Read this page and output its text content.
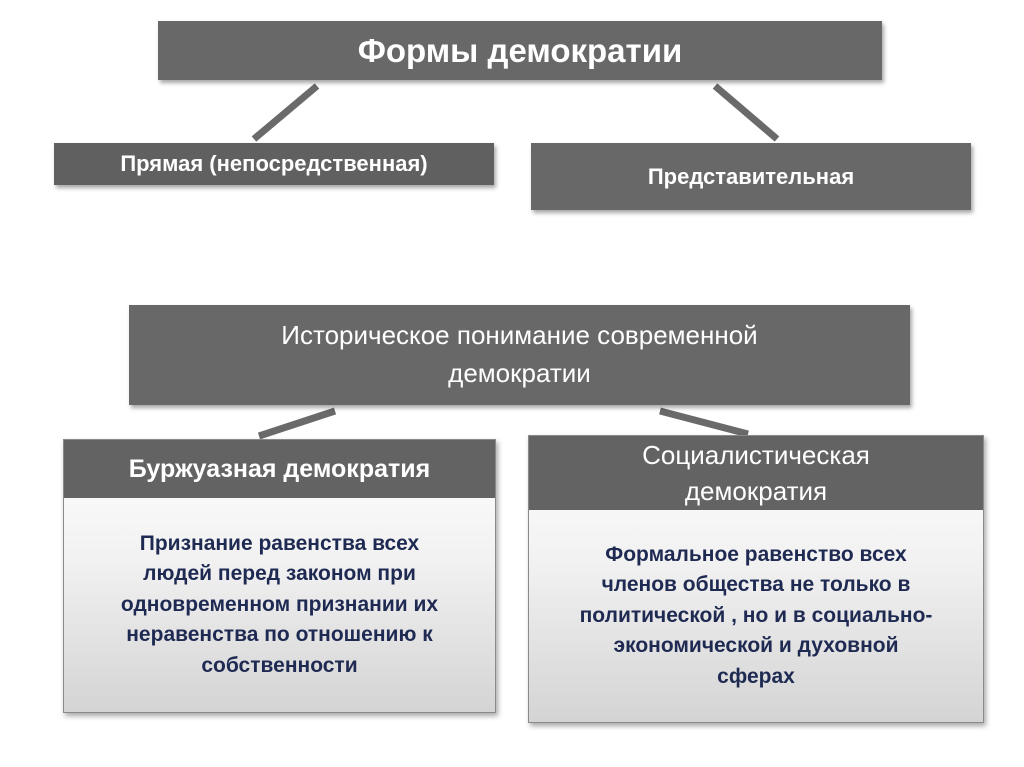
Формы демократии
Прямая (непосредственная)	Представительная
Историческое понимание современной
демократии
Буржуазная демократия
Признание равенства всех
людей перед законом при
одновременном признании их
неравенства по отношению к
собственности
Социалистическая
демократия
Формальное равенство всех
членов общества не только в
политической , но и в социально-
экономической и духовной
сферах
